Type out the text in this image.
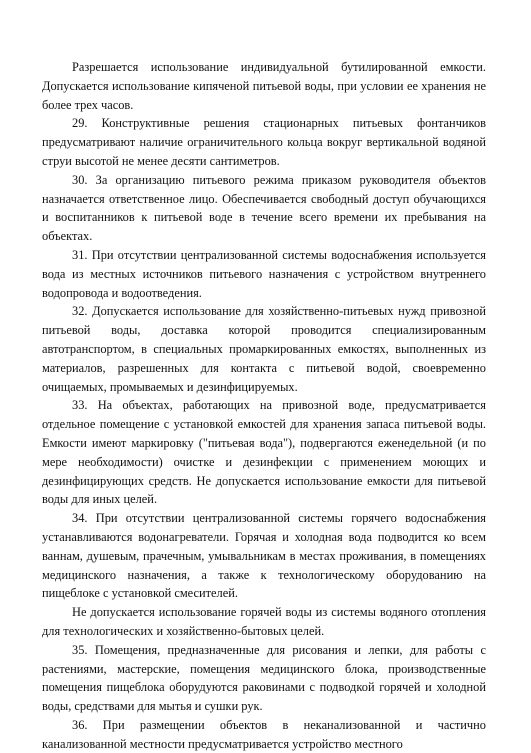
Разрешается использование индивидуальной бутилированной емкости. Допускается использование кипяченой питьевой воды, при условии ее хранения не более трех часов.

29. Конструктивные решения стационарных питьевых фонтанчиков предусматривают наличие ограничительного кольца вокруг вертикальной водяной струи высотой не менее десяти сантиметров.

30. За организацию питьевого режима приказом руководителя объектов назначается ответственное лицо. Обеспечивается свободный доступ обучающихся и воспитанников к питьевой воде в течение всего времени их пребывания на объектах.

31. При отсутствии централизованной системы водоснабжения используется вода из местных источников питьевого назначения с устройством внутреннего водопровода и водоотведения.

32. Допускается использование для хозяйственно-питьевых нужд привозной питьевой воды, доставка которой проводится специализированным автотранспортом, в специальных промаркированных емкостях, выполненных из материалов, разрешенных для контакта с питьевой водой, своевременно очищаемых, промываемых и дезинфицируемых.

33. На объектах, работающих на привозной воде, предусматривается отдельное помещение с установкой емкостей для хранения запаса питьевой воды. Емкости имеют маркировку ("питьевая вода"), подвергаются еженедельной (и по мере необходимости) очистке и дезинфекции с применением моющих и дезинфицирующих средств. Не допускается использование емкости для питьевой воды для иных целей.

34. При отсутствии централизованной системы горячего водоснабжения устанавливаются водонагреватели. Горячая и холодная вода подводится ко всем ваннам, душевым, прачечным, умывальникам в местах проживания, в помещениях медицинского назначения, а также к технологическому оборудованию на пищеблоке с установкой смесителей.

Не допускается использование горячей воды из системы водяного отопления для технологических и хозяйственно-бытовых целей.

35. Помещения, предназначенные для рисования и лепки, для работы с растениями, мастерские, помещения медицинского блока, производственные помещения пищеблока оборудуются раковинами с подводкой горячей и холодной воды, средствами для мытья и сушки рук.

36. При размещении объектов в неканализованной и частично канализованной местности предусматривается устройство местного
